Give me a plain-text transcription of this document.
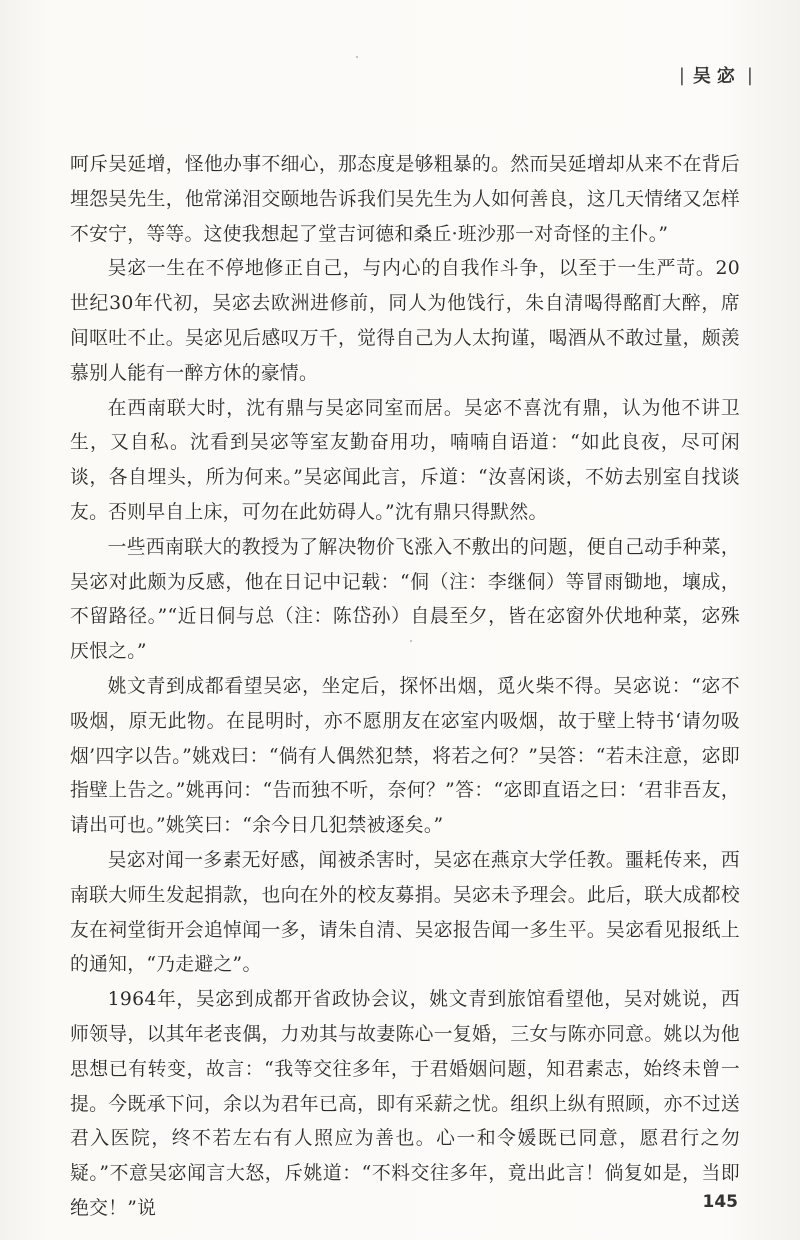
| 吴宓 |

呵斥吴延增，怪他办事不细心，那态度是够粗暴的。然而吴延增却从来不在背后埋怨吴先生，他常涕泪交颐地告诉我们吴先生为人如何善良，这几天情绪又怎样不安宁，等等。这使我想起了堂吉诃德和桑丘·班沙那一对奇怪的主仆。”

吴宓一生在不停地修正自己，与内心的自我作斗争，以至于一生严苛。20世纪30年代初，吴宓去欧洲进修前，同人为他饯行，朱自清喝得酩酊大醉，席间呕吐不止。吴宓见后感叹万千，觉得自己为人太拘谨，喝酒从不敢过量，颇羡慕别人能有一醉方休的豪情。

在西南联大时，沈有鼎与吴宓同室而居。吴宓不喜沈有鼎，认为他不讲卫生，又自私。沈看到吴宓等室友勤奋用功，喃喃自语道：“如此良夜，尽可闲谈，各自埋头，所为何来。”吴宓闻此言，斥道：“汝喜闲谈，不妨去别室自找谈友。否则早自上床，可勿在此妨碍人。”沈有鼎只得默然。

一些西南联大的教授为了解决物价飞涨入不敷出的问题，便自己动手种菜，吴宓对此颇为反感，他在日记中记载：“侗（注：李继侗）等冒雨锄地，壤成，不留路径。”“近日侗与总（注：陈岱孙）自晨至夕，皆在宓窗外伏地种菜，宓殊厌恨之。”

姚文青到成都看望吴宓，坐定后，探怀出烟，觅火柴不得。吴宓说：“宓不吸烟，原无此物。在昆明时，亦不愿朋友在宓室内吸烟，故于壁上特书‘请勿吸烟’四字以告。”姚戏曰：“倘有人偶然犯禁，将若之何？”吴答：“若未注意，宓即指壁上告之。”姚再问：“告而独不听，奈何？”答：“宓即直语之曰：‘君非吾友，请出可也。”姚笑曰：“余今日几犯禁被逐矣。”

吴宓对闻一多素无好感，闻被杀害时，吴宓在燕京大学任教。噩耗传来，西南联大师生发起捐款，也向在外的校友募捐。吴宓未予理会。此后，联大成都校友在祠堂街开会追悼闻一多，请朱自清、吴宓报告闻一多生平。吴宓看见报纸上的通知，“乃走避之”。

1964年，吴宓到成都开省政协会议，姚文青到旅馆看望他，吴对姚说，西师领导，以其年老丧偶，力劝其与故妻陈心一复婚，三女与陈亦同意。姚以为他思想已有转变，故言：“我等交往多年，于君婚姻问题，知君素志，始终未曾一提。今既承下问，余以为君年已高，即有采薪之忧。组织上纵有照顾，亦不过送君入医院，终不若左右有人照应为善也。心一和令媛既已同意，愿君行之勿疑。”不意吴宓闻言大怒，斥姚道：“不料交往多年，竟出此言！倘复如是，当即绝交！”说	145
